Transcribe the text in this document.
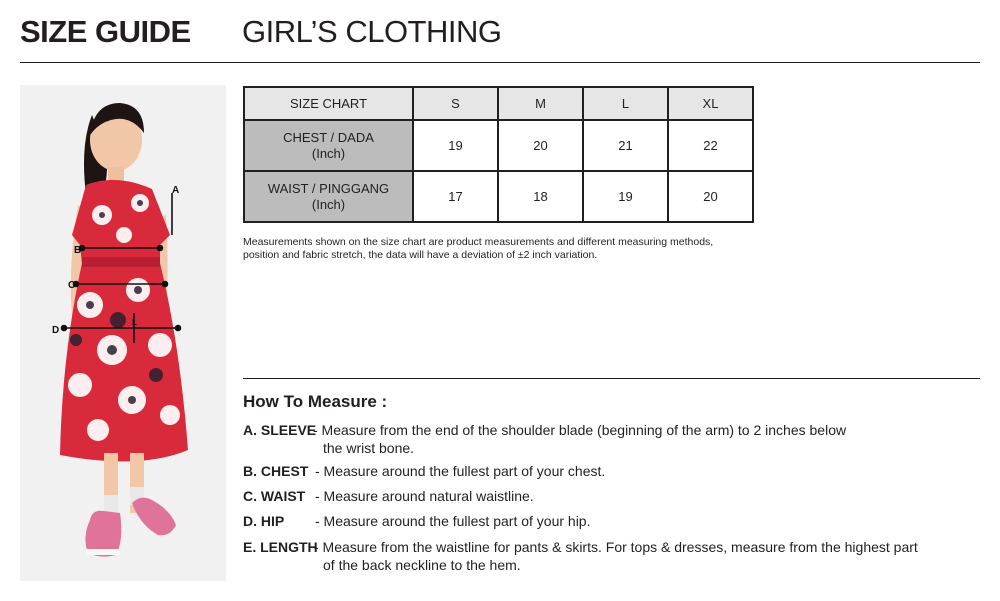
SIZE GUIDE GIRL’S CLOTHING
A
B
C
D
L
SIZE CHART	S	M	L	XL

CHEST / DADA
(Inch)	19	20	21	22

WAIST / PINGGANG
(Inch)	17	18	19	20
Measurements shown on the size chart are product measurements and different measuring methods,
position and fabric stretch, the data will have a deviation of ±2 inch variation.
How To Measure :
A. SLEEVE
- Measure from the end of the shoulder blade (beginning of the arm) to 2 inches below
the wrist bone.
B. CHEST - Measure around the fullest part of your chest.
C. WAIST - Measure around natural waistline.
D. HIP - Measure around the fullest part of your hip.
E. LENGTH
- Measure from the waistline for pants & skirts. For tops & dresses, measure from the highest part
of the back neckline to the hem.
